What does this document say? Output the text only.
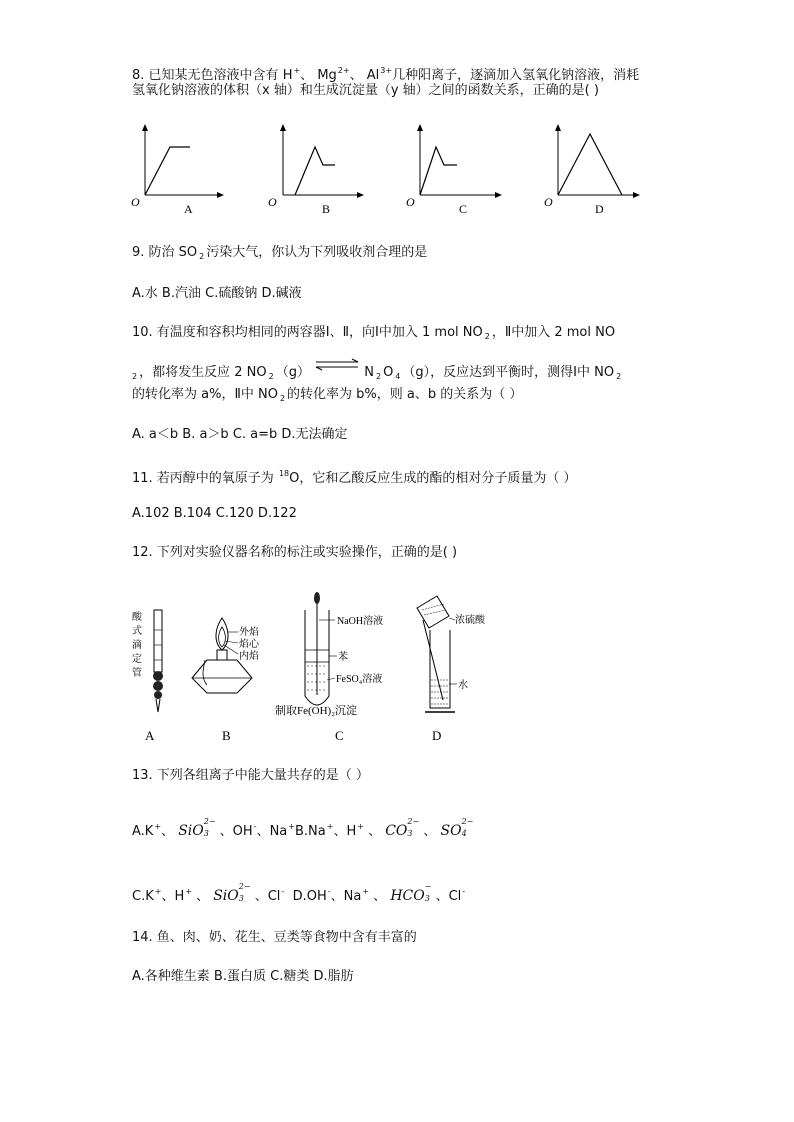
8. 已知某无色溶液中含有 H+、 $Mg^{2+}$、 $Al^{3+}$几种阳离子，逐滴加入氢氧化钠溶液，消耗
氢氧化钠溶液的体积（x 轴）和生成沉淀量（y 轴）之间的函数关系，正确的是( )
O	A	O	B	O	C	O	D
9. 防治 SO $_2$ 污染大气，你认为下列吸收剂合理的是
A.水 B.汽油 C.硫酸钠 D.碱液
10. 有温度和容积均相同的两容器Ⅰ、Ⅱ，向Ⅰ中加入 1 mol NO $_2$ ，Ⅱ中加入 2 mol NO
$_2$ ，都将发生反应 2 NO $_2$ （g）	N $_2$ O $_4$ （g），反应达到平衡时，测得Ⅰ中 NO $_2$
的转化率为 a%，Ⅱ中 NO $_2$ 的转化率为 b%，则 a、b 的关系为（ ）
A. a＜b B. a＞b C. a=b D.无法确定
11. 若丙醇中的氧原子为 $^{18}$O，它和乙酸反应生成的酯的相对分子质量为（ ）
A.102 B.104 C.120 D.122
12. 下列对实验仪器名称的标注或实验操作，正确的是( )
酸
式
滴
定
管
A
外焰
焰心
内焰
B
NaOH溶液
苯
FeSO₄溶液
制取Fe(OH)₂沉淀
C
浓硫酸
水
D
13. 下列各组离子中能大量共存的是（ ）
A.K+、 SiO
2−
3 、OH-、Na+B.Na+、H+ 、 CO
2−
3 、 SO
2−
4
C.K+、H+ 、 SiO
2−
3 、Cl- D.OH-、Na+ 、 HCO
−
3 、Cl-
14. 鱼、肉、奶、花生、豆类等食物中含有丰富的
A.各种维生素 B.蛋白质 C.糖类 D.脂肪
